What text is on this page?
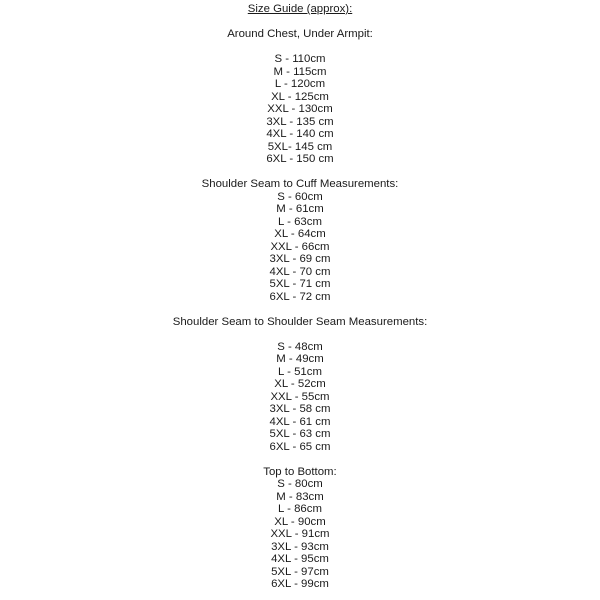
Size Guide (approx):
Around Chest, Under Armpit:
S - 110cm
M - 115cm
L - 120cm
XL - 125cm
XXL - 130cm
3XL - 135 cm
4XL - 140 cm
5XL- 145 cm
6XL - 150 cm
Shoulder Seam to Cuff Measurements:
S - 60cm
M - 61cm
L - 63cm
XL - 64cm
XXL - 66cm
3XL - 69 cm
4XL - 70 cm
5XL - 71 cm
6XL - 72 cm
Shoulder Seam to Shoulder Seam Measurements:
S - 48cm
M - 49cm
L - 51cm
XL - 52cm
XXL - 55cm
3XL - 58 cm
4XL - 61 cm
5XL - 63 cm
6XL - 65 cm
Top to Bottom:
S - 80cm
M - 83cm
L - 86cm
XL - 90cm
XXL - 91cm
3XL - 93cm
4XL - 95cm
5XL - 97cm
6XL - 99cm
